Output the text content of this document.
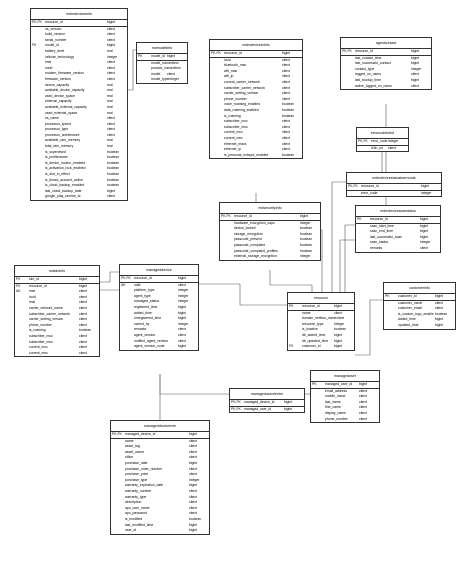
mdmdevicesinfo
PK,FK resource_id	bigint
os_version	citext
build_version	citext
serial_number	citext
FK	model_id	bigint
battery_level	real
cellular_technology	integer
imei	citext
meid	citext
modem_firmware_version	citext
firmware_version	citext
device_capacity	real
available_device_capacity	real
used_device_space	real
external_capacity	real
available_external_capacity	real
used_external_space	real
os_name	citext
processor_speed	citext
processor_type	citext
processor_architecture	citext
available_ram_memory	real
total_ram_memory	real
is_supervised	boolean
is_profileowner	boolean
is_device_locator_enabled	boolean
is_activation_lock_enabled	boolean
is_dnd_in_effect	boolean
is_itunes_account_active	boolean
is_cloud_backup_enabled	boolean
last_cloud_backup_date	bigint
google_play_service_id	citext
mdmodelinfo
PK	model_id bigint
model_name citext
product_name citext
model	citext
model_type integer
mdmdevicetoinfo
PK,FK resource_id	bigint
iccid	citext
bluetooth_mac	citext
wifi_mac	citext
wifi_ip	citext
current_carrier_network	citext
subscriber_carrier_network	citext
carrier_setting_version	citext
phone_number	citext
voice_roaming_enabled	boolean
data_roaming_enabled	boolean
is_roaming	boolean
subscriber_mcc	citext
subscriber_mnc	citext
current_mcc	citext
current_mnc	citext
ethernet_macs	citext
ethernet_ip	citext
is_personal_hotspot_enabled	boolean
agentcontact
PK,FK resource_id	bigint
last_contact_time	bigint
last_successful_contact	bigint
contact_type	integer
logged_on_users	citext
last_bootup_time	bigint
active_logged_on_users	citext
errorcodetobuf
PK,FK error_code integer
i18n_url	citext
mdmdevicestatustoerrcode
PK,FK resource_id	bigint
error_code	integer
mdmdevicescanstatus
PK	resource_id	bigint
scan_start_time	bigint
scan_end_time	bigint
last_successful_scan	bigint
scan_status	integer
remarks	citext
mdsecurityinfo
PK,FK resource_id	bigint
hardware_encryption_caps	integer
device_locked	boolean
storage_encryption	boolean
passcode_present	boolean
passcode_complaint	boolean
passcode_complaint_profiles	boolean
external_storage_encryption	integer
mdsiminfo
PK	sim_id	bigint
FK	resource_id	bigint
AK	imei	citext
iccid	citext
imsi	citext
carrier_network_name	citext
subscriber_carrier_network	citext
carrier_setting_version	citext
phone_number	citext
is_roaming	boolean
subscriber_mcc	citext
subscriber_mnc	citext
current_mcc	citext
current_mnc	citext
manageddevice
PK,FK resource_id	bigint
AK	udid	citext
platform_type	integer
agent_type	integer
managed_status	integer
registered_time	bigint
added_time	bigint
unregistered_time	bigint
owned_by	integer
remarks	citext
agent_version	citext
notified_agent_version	citext
agent_version_code	bigint
resource
PK	resource_id	bigint
name	citext
domain_netbios_name citext
resource_type	integer
is_inactive	boolean
db_added_time	bigint
db_updated_time	bigint
FK	customer_id	bigint
customerinfo
PK	customer_id	bigint
customer_name	citext
customer_email	citext
is_custom_logo_enable boolean
added_time	bigint
updated_time	bigint
manageduser
PK	managed_user_id	bigint
email_address	citext
middle_name	citext
last_name	citext
first_name	citext
display_name	citext
phone_number	citext
manageduserdevice
PK,FK managed_device_id	bigint
PK,FK managed_user_id	bigint
manageddeviceextn
PK,FK managed_device_id	bigint
name	citext
asset_tag	citext
asset_owner	citext
office	citext
purchase_date	bigint
purchase_order_number	citext
purchase_price	citext
purchase_type	integer
warranty_expiration_date	bigint
warranty_number	citext
warranty_type	citext
description	citext
apn_user_name	citext
apn_password	citext
is_modified	boolean
last_modified_time	bigint
user_id	bigint
